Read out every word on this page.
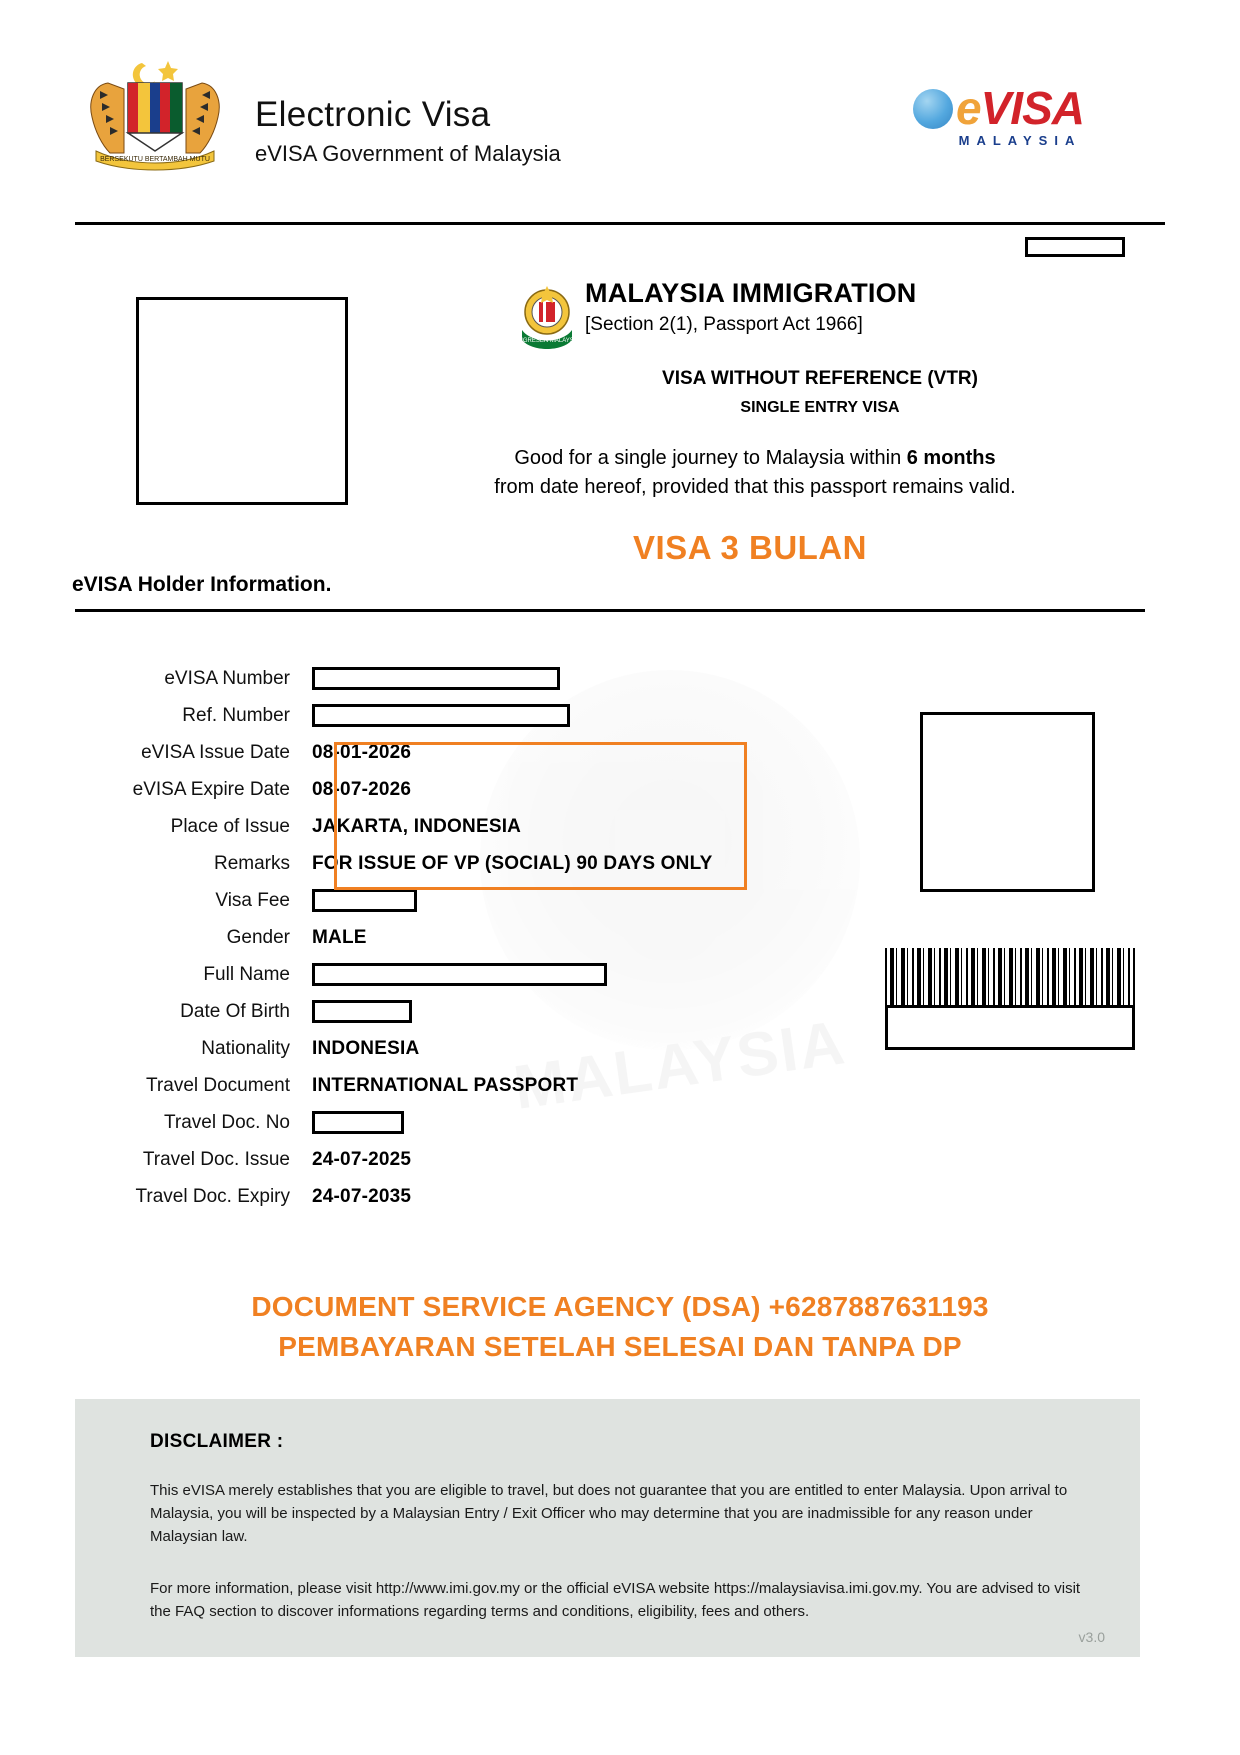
BERSEKUTU BERTAMBAH MUTU
Electronic Visa
eVISA Government of Malaysia
eVISA
MALAYSIA
IMIGRESEN MALAYSIA
MALAYSIA IMMIGRATION
[Section 2(1), Passport Act 1966]
VISA WITHOUT REFERENCE (VTR)
SINGLE ENTRY VISA
Good for a single journey to Malaysia within 6 months
from date hereof, provided that this passport remains valid.
VISA 3 BULAN
eVISA Holder Information.
MALAYSIA
eVISA Number
Ref. Number
eVISA Issue Date	08-01-2026
eVISA Expire Date	08-07-2026
Place of Issue	JAKARTA, INDONESIA
Remarks	FOR ISSUE OF VP (SOCIAL) 90 DAYS ONLY
Visa Fee
Gender	MALE
Full Name
Date Of Birth
Nationality	INDONESIA
Travel Document	INTERNATIONAL PASSPORT
Travel Doc. No
Travel Doc. Issue	24-07-2025
Travel Doc. Expiry	24-07-2035
DOCUMENT SERVICE AGENCY (DSA) +6287887631193
PEMBAYARAN SETELAH SELESAI DAN TANPA DP
DISCLAIMER :
This eVISA merely establishes that you are eligible to travel, but does not guarantee that you are entitled to enter Malaysia. Upon arrival to Malaysia, you will be inspected by a Malaysian Entry / Exit Officer who may determine that you are inadmissible for any reason under Malaysian law.
For more information, please visit http://www.imi.gov.my or the official eVISA website https://malaysiavisa.imi.gov.my. You are advised to visit the FAQ section to discover informations regarding terms and conditions, eligibility, fees and others.
v3.0
